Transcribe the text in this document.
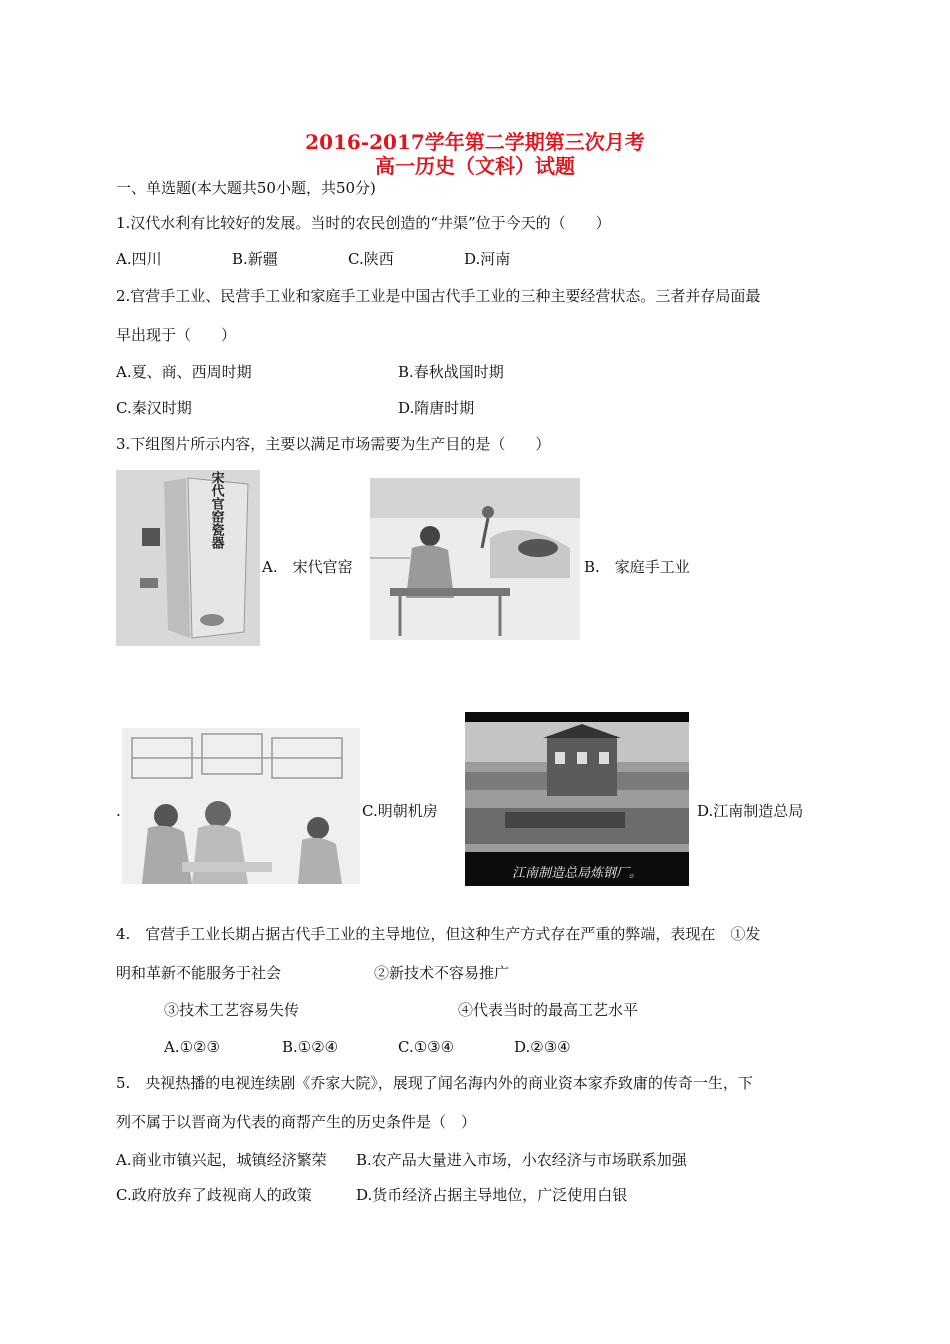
2016-2017学年第二学期第三次月考
高一历史（文科）试题
一、单选题(本大题共50小题，共50分)
1.汉代水利有比较好的发展。当时的农民创造的“井渠”位于今天的（　　）
A.四川	B.新疆	C.陕西	D.河南
2.官营手工业、民营手工业和家庭手工业是中国古代手工业的三种主要经营状态。三者并存局面最
早出现于（　　）
A.夏、商、西周时期	B.春秋战国时期
C.秦汉时期	D.隋唐时期
3.下组图片所示内容，主要以满足市场需要为生产目的是（　　）
宋代官窑瓷器
A.　宋代官窑	B.　家庭手工业
.	C.明朝机房
江南制造总局炼钢厂。
D.江南制造总局
4.　官营手工业长期占据古代手工业的主导地位，但这种生产方式存在严重的弊端，表现在　①发
明和革新不能服务于社会	②新技术不容易推广
③技术工艺容易失传	④代表当时的最高工艺水平
A.①②③	B.①②④	C.①③④	D.②③④
5.　央视热播的电视连续剧《乔家大院》，展现了闻名海内外的商业资本家乔致庸的传奇一生，下
列不属于以晋商为代表的商帮产生的历史条件是（　）
A.商业市镇兴起，城镇经济繁荣 B.农产品大量进入市场，小农经济与市场联系加强
C.政府放弃了歧视商人的政策	D.货币经济占据主导地位，广泛使用白银
